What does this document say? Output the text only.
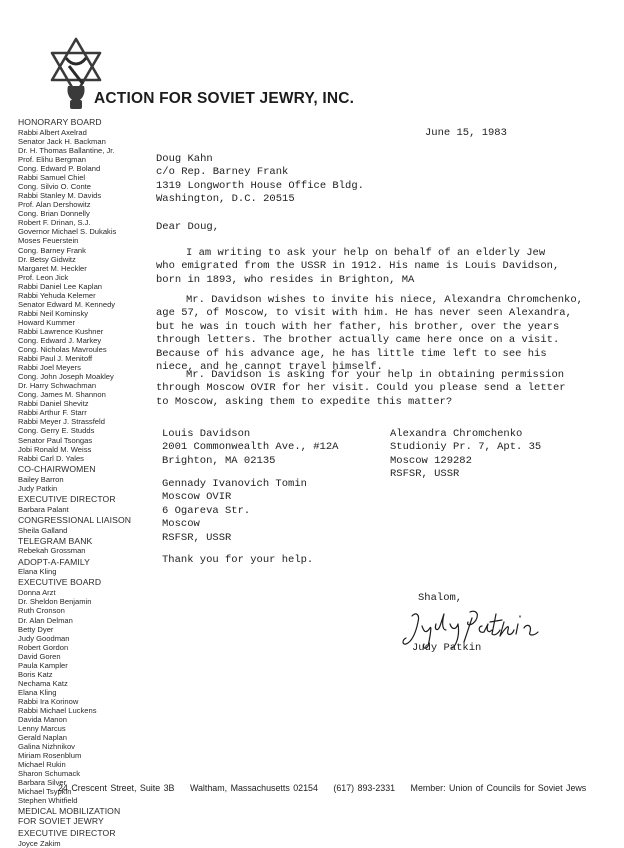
ACTION FOR SOVIET JEWRY, INC.
HONORARY BOARD
Rabbi Albert Axelrad
Senator Jack H. Backman
Dr. H. Thomas Ballantine, Jr.
Prof. Elihu Bergman
Cong. Edward P. Boland
Rabbi Samuel Chiel
Cong. Silvio O. Conte
Rabbi Stanley M. Davids
Prof. Alan Dershowitz
Cong. Brian Donnelly
Robert F. Drinan, S.J.
Governor Michael S. Dukakis
Moses Feuerstein
Cong. Barney Frank
Dr. Betsy Gidwitz
Margaret M. Heckler
Prof. Leon Jick
Rabbi Daniel Lee Kaplan
Rabbi Yehuda Kelemer
Senator Edward M. Kennedy
Rabbi Neil Kominsky
Howard Kummer
Rabbi Lawrence Kushner
Cong. Edward J. Markey
Cong. Nicholas Mavroules
Rabbi Paul J. Menitoff
Rabbi Joel Meyers
Cong. John Joseph Moakley
Dr. Harry Schwachman
Cong. James M. Shannon
Rabbi Daniel Shevitz
Rabbi Arthur F. Starr
Rabbi Meyer J. Strassfeld
Cong. Gerry E. Studds
Senator Paul Tsongas
Jobi Ronald M. Weiss
Rabbi Carl D. Yales
CO-CHAIRWOMEN
Bailey Barron
Judy Patkin
EXECUTIVE DIRECTOR
Barbara Palant
CONGRESSIONAL LIAISON
Sheila Galland
TELEGRAM BANK
Rebekah Grossman
ADOPT-A-FAMILY
Elana Kling
EXECUTIVE BOARD
Donna Arzt
Dr. Sheldon Benjamin
Ruth Cronson
Dr. Alan Delman
Betty Dyer
Judy Goodman
Robert Gordon
David Goren
Paula Kampler
Boris Katz
Nechama Katz
Elana Kling
Rabbi Ira Korinow
Rabbi Michael Luckens
Davida Manon
Lenny Marcus
Gerald Naplan
Galina Nizhnikov
Miriam Rosenblum
Michael Rukin
Sharon Schumack
Barbara Silver
Michael Tsypkin
Stephen Whitfield
MEDICAL MOBILIZATION FOR SOVIET JEWRY
EXECUTIVE DIRECTOR
Joyce Zakim
June 15, 1983
Doug Kahn
c/o Rep. Barney Frank
1319 Longworth House Office Bldg.
Washington, D.C. 20515
Dear Doug,
I am writing to ask your help on behalf of an elderly Jew
who emigrated from the USSR in 1912. His name is Louis Davidson,
born in 1893, who resides in Brighton, MA
Mr. Davidson wishes to invite his niece, Alexandra Chromchenko,
age 57, of Moscow, to visit with him. He has never seen Alexandra,
but he was in touch with her father, his brother, over the years
through letters. The brother actually came here once on a visit.
Because of his advance age, he has little time left to see his
niece, and he cannot travel himself.
Mr. Davidson is asking for your help in obtaining permission
through Moscow OVIR for her visit. Could you please send a letter
to Moscow, asking them to expedite this matter?
Louis Davidson
2001 Commonwealth Ave., #12A
Brighton, MA 02135
Alexandra Chromchenko
Studioniy Pr. 7, Apt. 35
Moscow 129282
RSFSR, USSR
Gennady Ivanovich Tomin
Moscow OVIR
6 Ogareva Str.
Moscow
RSFSR, USSR
Thank you for your help.
Shalom,
Judy Patkin
24 Crescent Street, Suite 3B Waltham, Massachusetts 02154 (617) 893-2331 Member: Union of Councils for Soviet Jews
